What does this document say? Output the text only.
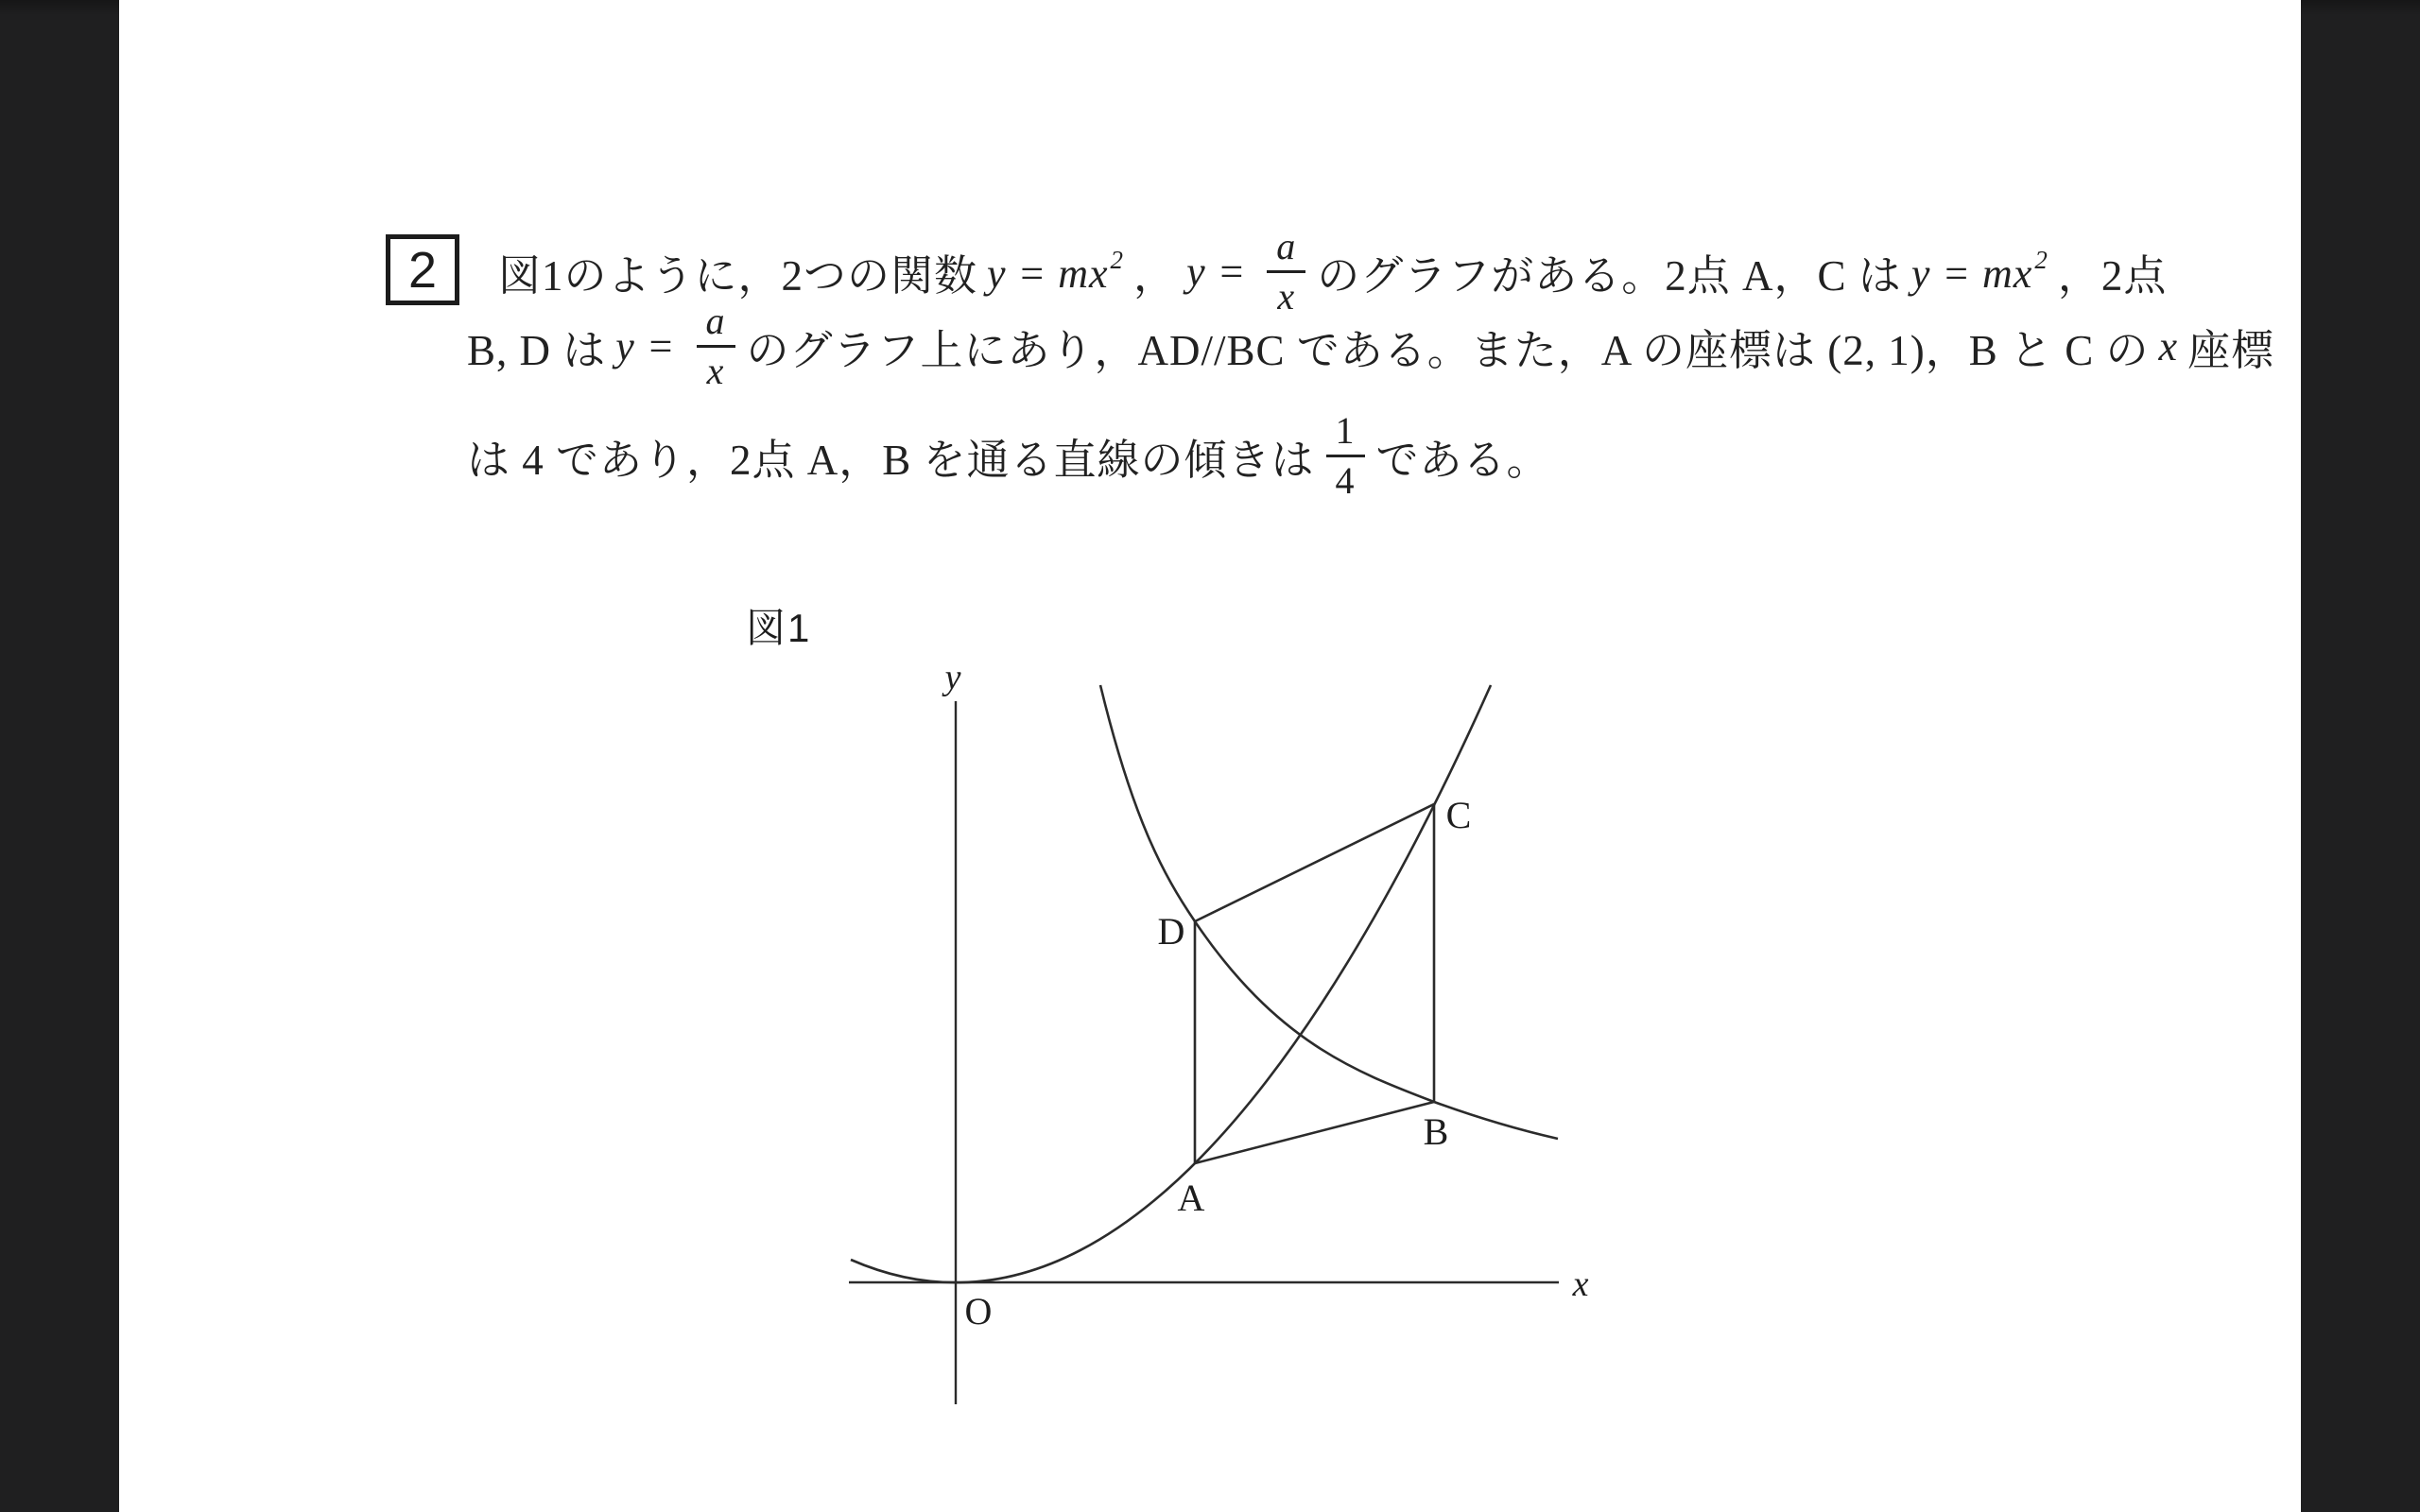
2 図1のように，2つの関数 $y = mx^2$ ， $y = \frac{a}{x}$ のグラフがある。2点 A，C は $y = mx^2$ ，2点
B, D は $y = \frac{a}{x}$ のグラフ上にあり，AD//BC である。また，A の座標は (2, 1)，B と C の x 座標
は 4 であり，2点 A，B を通る直線の傾きは $\frac{1}{4}$ である。
図1
y
x
O
A
B
C
D
